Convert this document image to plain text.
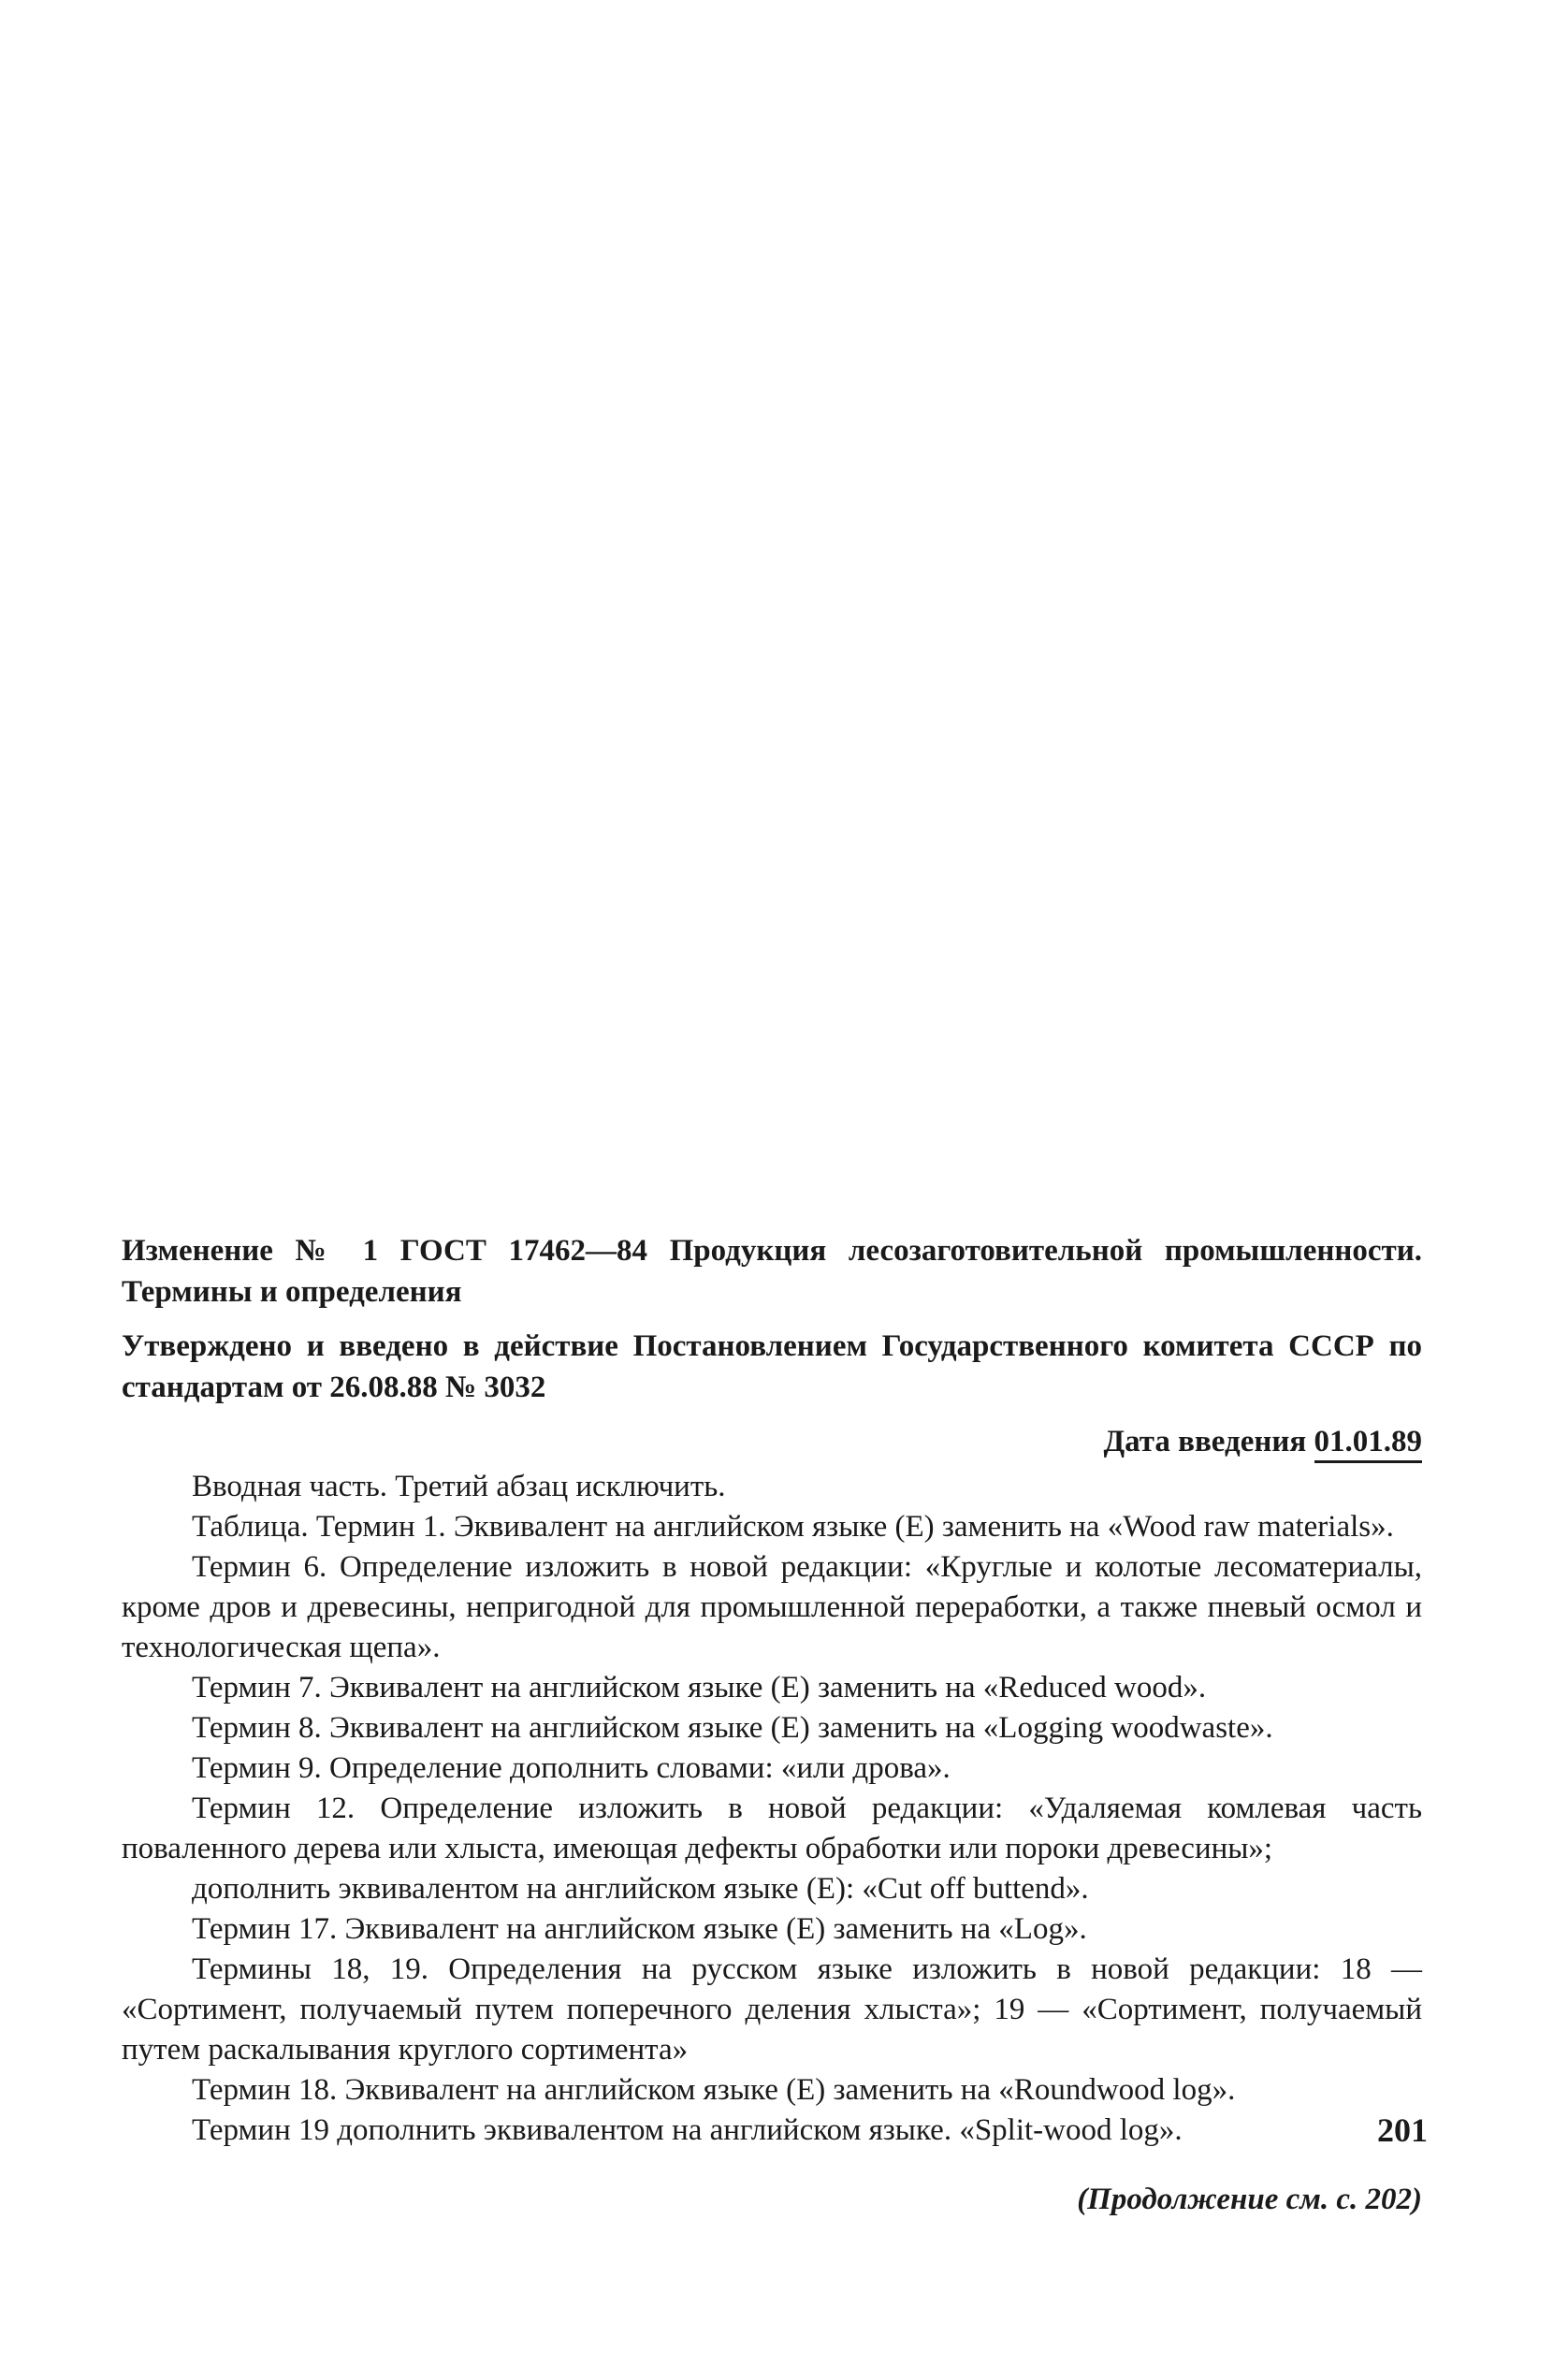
Изменение № 1 ГОСТ 17462—84 Продукция лесозаготовительной промышленности. Термины и определения

Утверждено и введено в действие Постановлением Государственного комитета СССР по стандартам от 26.08.88 № 3032

Дата введения 01.01.89

Вводная часть. Третий абзац исключить.

Таблица. Термин 1. Эквивалент на английском языке (E) заменить на «Wood raw materials».

Термин 6. Определение изложить в новой редакции: «Круглые и колотые лесоматериалы, кроме дров и древесины, непригодной для промышленной переработки, а также пневый осмол и технологическая щепа».

Термин 7. Эквивалент на английском языке (E) заменить на «Reduced wood».

Термин 8. Эквивалент на английском языке (E) заменить на «Logging woodwaste».

Термин 9. Определение дополнить словами: «или дрова».

Термин 12. Определение изложить в новой редакции: «Удаляемая комлевая часть поваленного дерева или хлыста, имеющая дефекты обработки или пороки древесины»;

дополнить эквивалентом на английском языке (E): «Cut off buttend».

Термин 17. Эквивалент на английском языке (E) заменить на «Log».

Термины 18, 19. Определения на русском языке изложить в новой редакции: 18 — «Сортимент, получаемый путем поперечного деления хлыста»; 19 — «Сортимент, получаемый путем раскалывания круглого сортимента»

Термин 18. Эквивалент на английском языке (E) заменить на «Roundwood log».

Термин 19 дополнить эквивалентом на английском языке. «Split-wood log».

(Продолжение см. с. 202)
201
